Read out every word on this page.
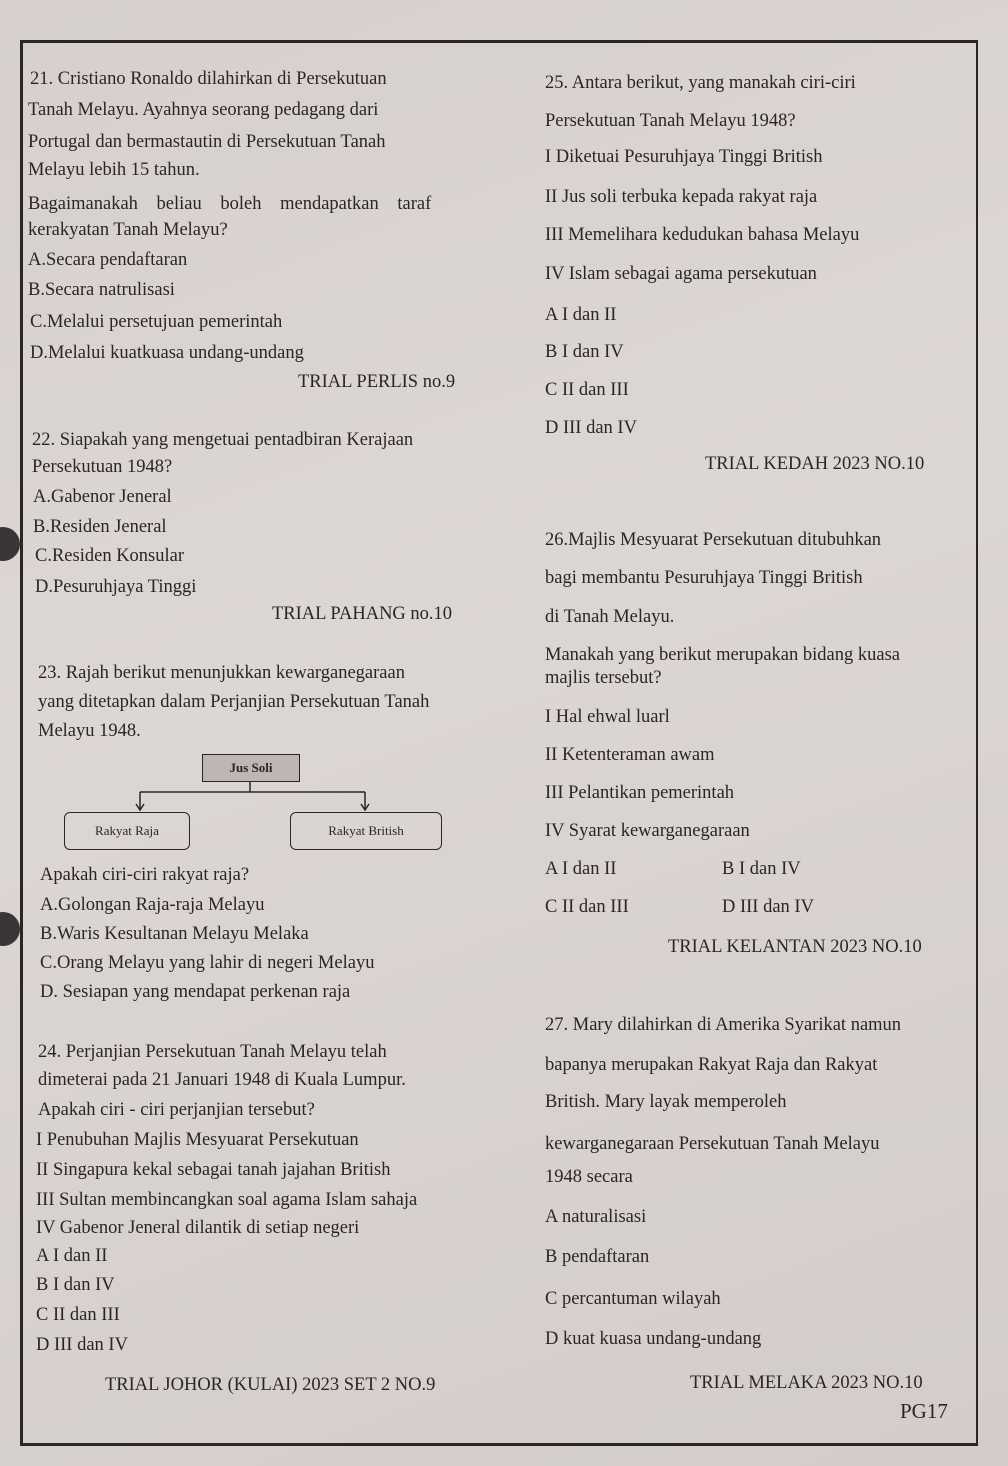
Jus Soli
Rakyat Raja	Rakyat British
21. Cristiano Ronaldo dilahirkan di Persekutuan
Tanah Melayu. Ayahnya seorang pedagang dari
Portugal dan bermastautin di Persekutuan Tanah
Melayu lebih 15 tahun.
Bagaimanakah beliau boleh mendapatkan taraf
kerakyatan Tanah Melayu?
A.Secara pendaftaran
B.Secara natrulisasi
C.Melalui persetujuan pemerintah
D.Melalui kuatkuasa undang-undang
TRIAL PERLIS no.9
22. Siapakah yang mengetuai pentadbiran Kerajaan
Persekutuan 1948?
A.Gabenor Jeneral
B.Residen Jeneral
C.Residen Konsular
D.Pesuruhjaya Tinggi
TRIAL PAHANG no.10
23. Rajah berikut menunjukkan kewarganegaraan
yang ditetapkan dalam Perjanjian Persekutuan Tanah
Melayu 1948.
Apakah ciri-ciri rakyat raja?
A.Golongan Raja-raja Melayu
B.Waris Kesultanan Melayu Melaka
C.Orang Melayu yang lahir di negeri Melayu
D. Sesiapan yang mendapat perkenan raja
24. Perjanjian Persekutuan Tanah Melayu telah
dimeterai pada 21 Januari 1948 di Kuala Lumpur.
Apakah ciri - ciri perjanjian tersebut?
I Penubuhan Majlis Mesyuarat Persekutuan
II Singapura kekal sebagai tanah jajahan British
III Sultan membincangkan soal agama Islam sahaja
IV Gabenor Jeneral dilantik di setiap negeri
A I dan II
B I dan IV
C II dan III
D III dan IV
TRIAL JOHOR (KULAI) 2023 SET 2 NO.9
25. Antara berikut, yang manakah ciri-ciri
Persekutuan Tanah Melayu 1948?
I Diketuai Pesuruhjaya Tinggi British
II Jus soli terbuka kepada rakyat raja
III Memelihara kedudukan bahasa Melayu
IV Islam sebagai agama persekutuan
A I dan II
B I dan IV
C II dan III
D III dan IV
TRIAL KEDAH 2023 NO.10
26.Majlis Mesyuarat Persekutuan ditubuhkan
bagi membantu Pesuruhjaya Tinggi British
di Tanah Melayu.
Manakah yang berikut merupakan bidang kuasa
majlis tersebut?
I Hal ehwal luarl
II Ketenteraman awam
III Pelantikan pemerintah
IV Syarat kewarganegaraan
A I dan II	B I dan IV
C II dan III	D III dan IV
TRIAL KELANTAN 2023 NO.10
27. Mary dilahirkan di Amerika Syarikat namun
bapanya merupakan Rakyat Raja dan Rakyat
British. Mary layak memperoleh
kewarganegaraan Persekutuan Tanah Melayu
1948 secara
A naturalisasi
B pendaftaran
C percantuman wilayah
D kuat kuasa undang-undang
TRIAL MELAKA 2023 NO.10
PG17
